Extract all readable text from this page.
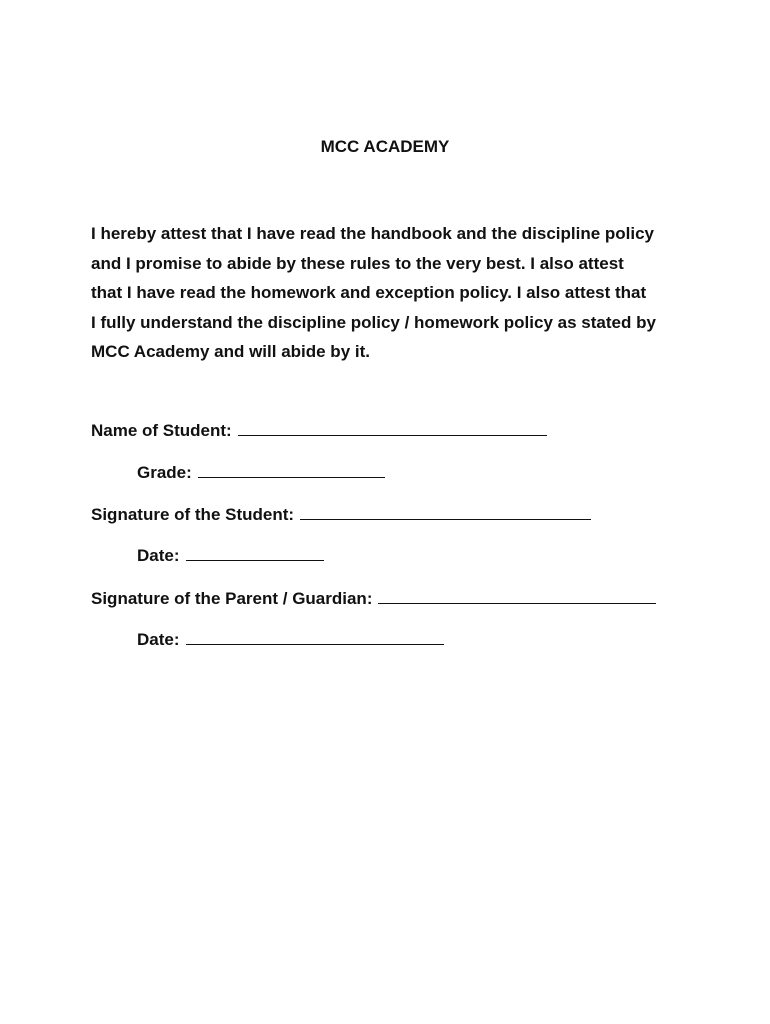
MCC ACADEMY
I hereby attest that I have read the handbook and the discipline policy
and I promise to abide by these rules to the very best. I also attest
that I have read the homework and exception policy. I also attest that
I fully understand the discipline policy / homework policy as stated by
MCC Academy and will abide by it.
Name of Student:
Grade:
Signature of the Student:
Date:
Signature of the Parent / Guardian:
Date:
